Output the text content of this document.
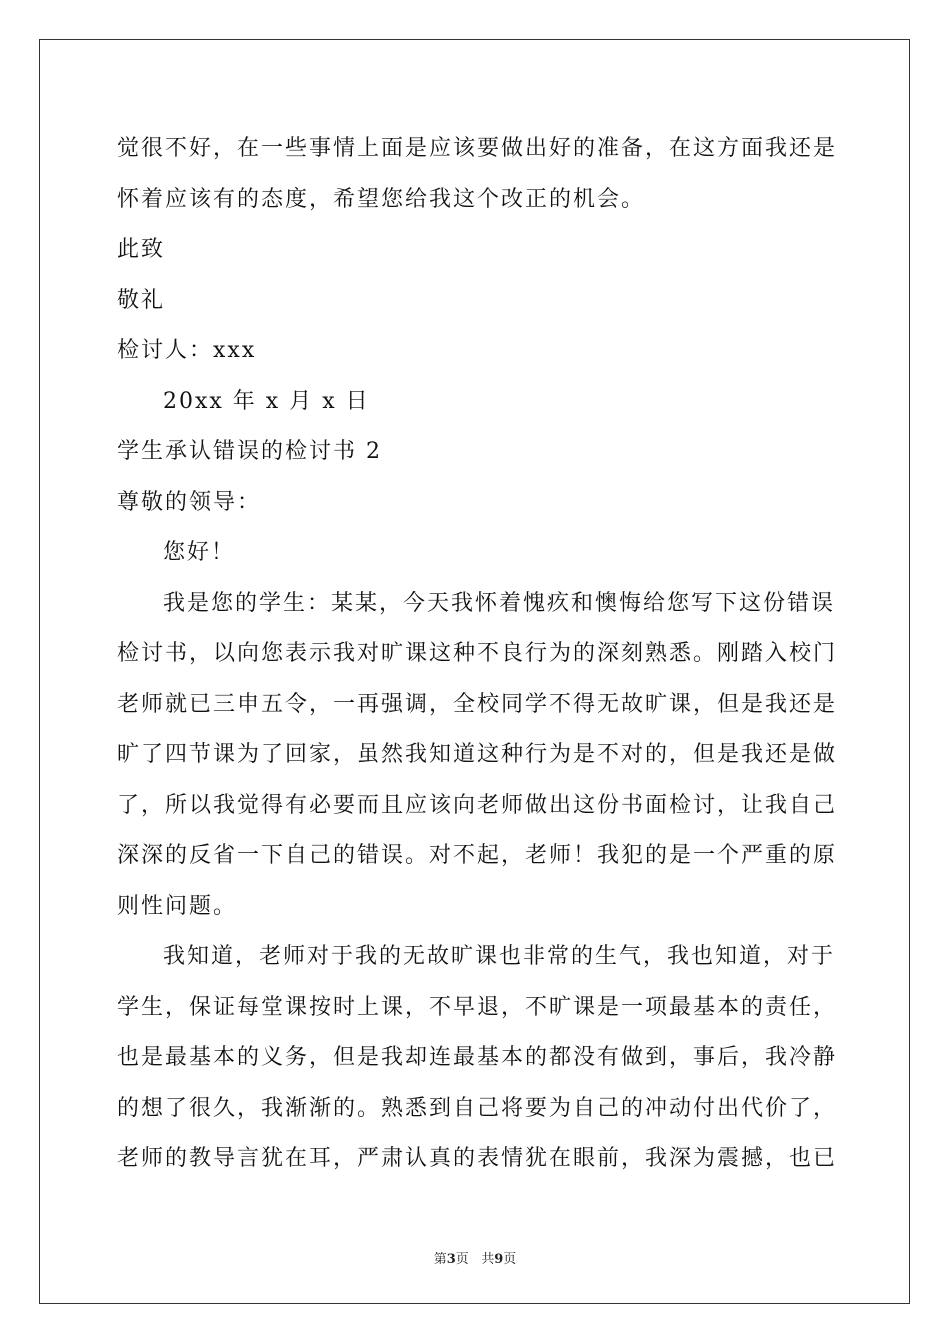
觉很不好，在一些事情上面是应该要做出好的准备，在这方面我还是
怀着应该有的态度，希望您给我这个改正的机会。
此致
敬礼
检讨人：xxx
20xx 年 x 月 x 日
学生承认错误的检讨书 2
尊敬的领导：
您好！
我是您的学生：某某，今天我怀着愧疚和懊悔给您写下这份错误
检讨书，以向您表示我对旷课这种不良行为的深刻熟悉。刚踏入校门
老师就已三申五令，一再强调，全校同学不得无故旷课，但是我还是
旷了四节课为了回家，虽然我知道这种行为是不对的，但是我还是做
了，所以我觉得有必要而且应该向老师做出这份书面检讨，让我自己
深深的反省一下自己的错误。对不起，老师！我犯的是一个严重的原
则性问题。
我知道，老师对于我的无故旷课也非常的生气，我也知道，对于
学生，保证每堂课按时上课，不早退，不旷课是一项最基本的责任，
也是最基本的义务，但是我却连最基本的都没有做到，事后，我冷静
的想了很久，我渐渐的。熟悉到自己将要为自己的冲动付出代价了，
老师的教导言犹在耳，严肃认真的表情犹在眼前，我深为震撼，也已
第3页 共9页
